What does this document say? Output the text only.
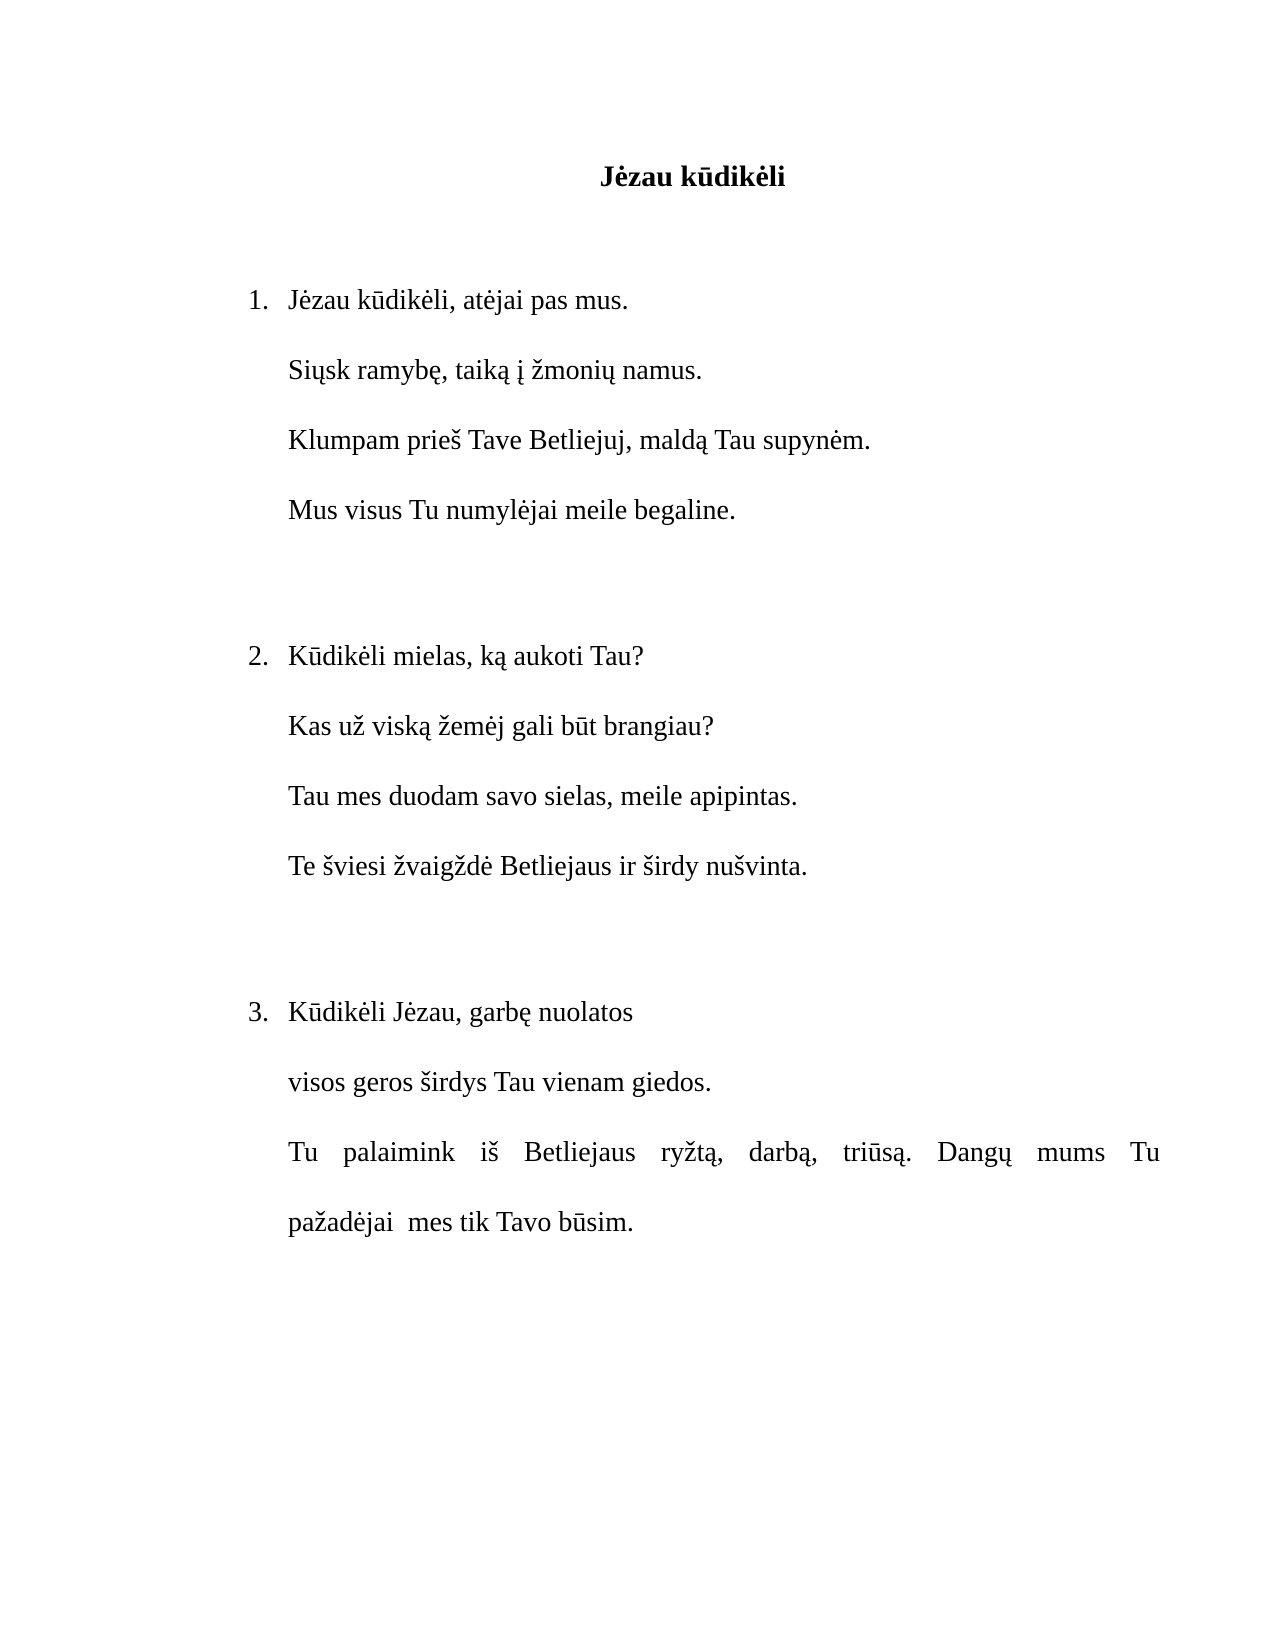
Jėzau kūdikėli
1. Jėzau kūdikėli, atėjai pas mus.
Siųsk ramybę, taiką į žmonių namus.
Klumpam prieš Tave Betliejuj, maldą Tau supynėm.
Mus visus Tu numylėjai meile begaline.
2. Kūdikėli mielas, ką aukoti Tau?
Kas už viską žemėj gali būt brangiau?
Tau mes duodam savo sielas, meile apipintas.
Te šviesi žvaigždė Betliejaus ir širdy nušvinta.
3. Kūdikėli Jėzau, garbę nuolatos
visos geros širdys Tau vienam giedos.
Tu palaimink iš Betliejaus ryžtą, darbą, triūsą. Dangų mums Tu
pažadėjai  mes tik Tavo būsim.
